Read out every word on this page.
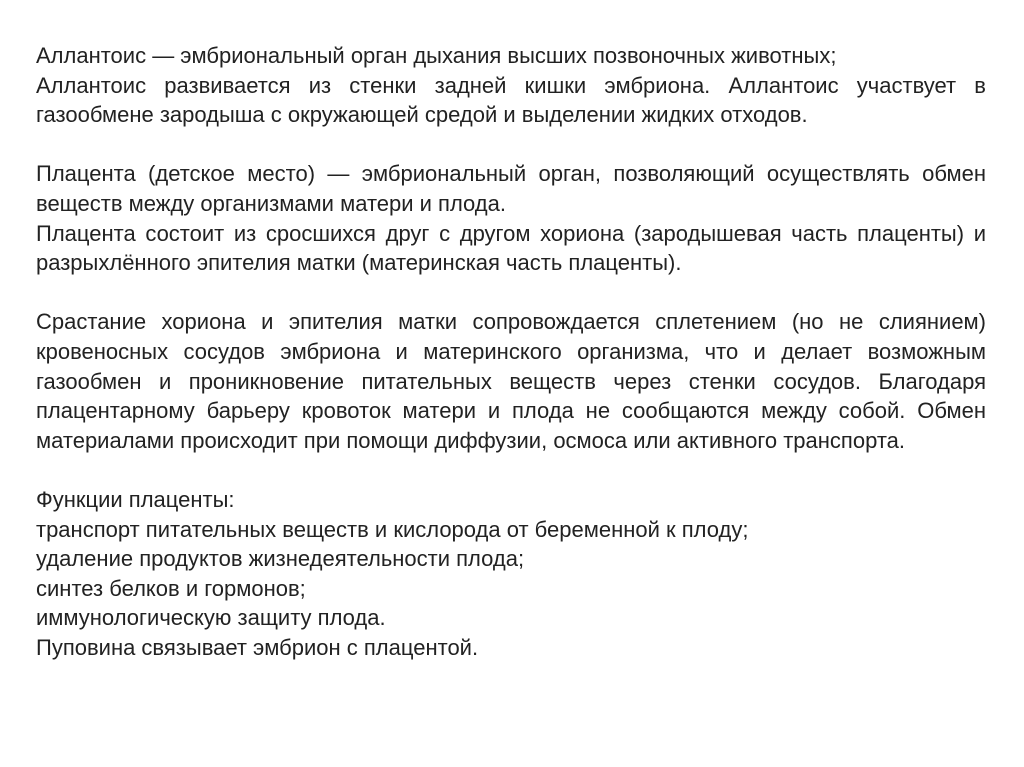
Аллантоис — эмбриональный орган дыхания высших позвоночных животных;

Аллантоис развивается из стенки задней кишки эмбриона. Аллантоис участвует в газообмене зародыша с окружающей средой и выделении жидких отходов.

Плацента (детское место) — эмбриональный орган, позволяющий осуществлять обмен веществ между организмами матери и плода.

Плацента состоит из сросшихся друг с другом хориона (зародышевая часть плаценты) и разрыхлённого эпителия матки (материнская часть плаценты).

Срастание хориона и эпителия матки сопровождается сплетением (но не слиянием) кровеносных сосудов эмбриона и материнского организма, что и делает возможным газообмен и проникновение питательных веществ через стенки сосудов. Благодаря плацентарному барьеру кровоток матери и плода не сообщаются между собой. Обмен материалами происходит при помощи диффузии, осмоса или активного транспорта.

Функции плаценты:
транспорт питательных веществ и кислорода от беременной к плоду;
удаление продуктов жизнедеятельности плода;
синтез белков и гормонов;
иммунологическую защиту плода.
Пуповина связывает эмбрион с плацентой.
